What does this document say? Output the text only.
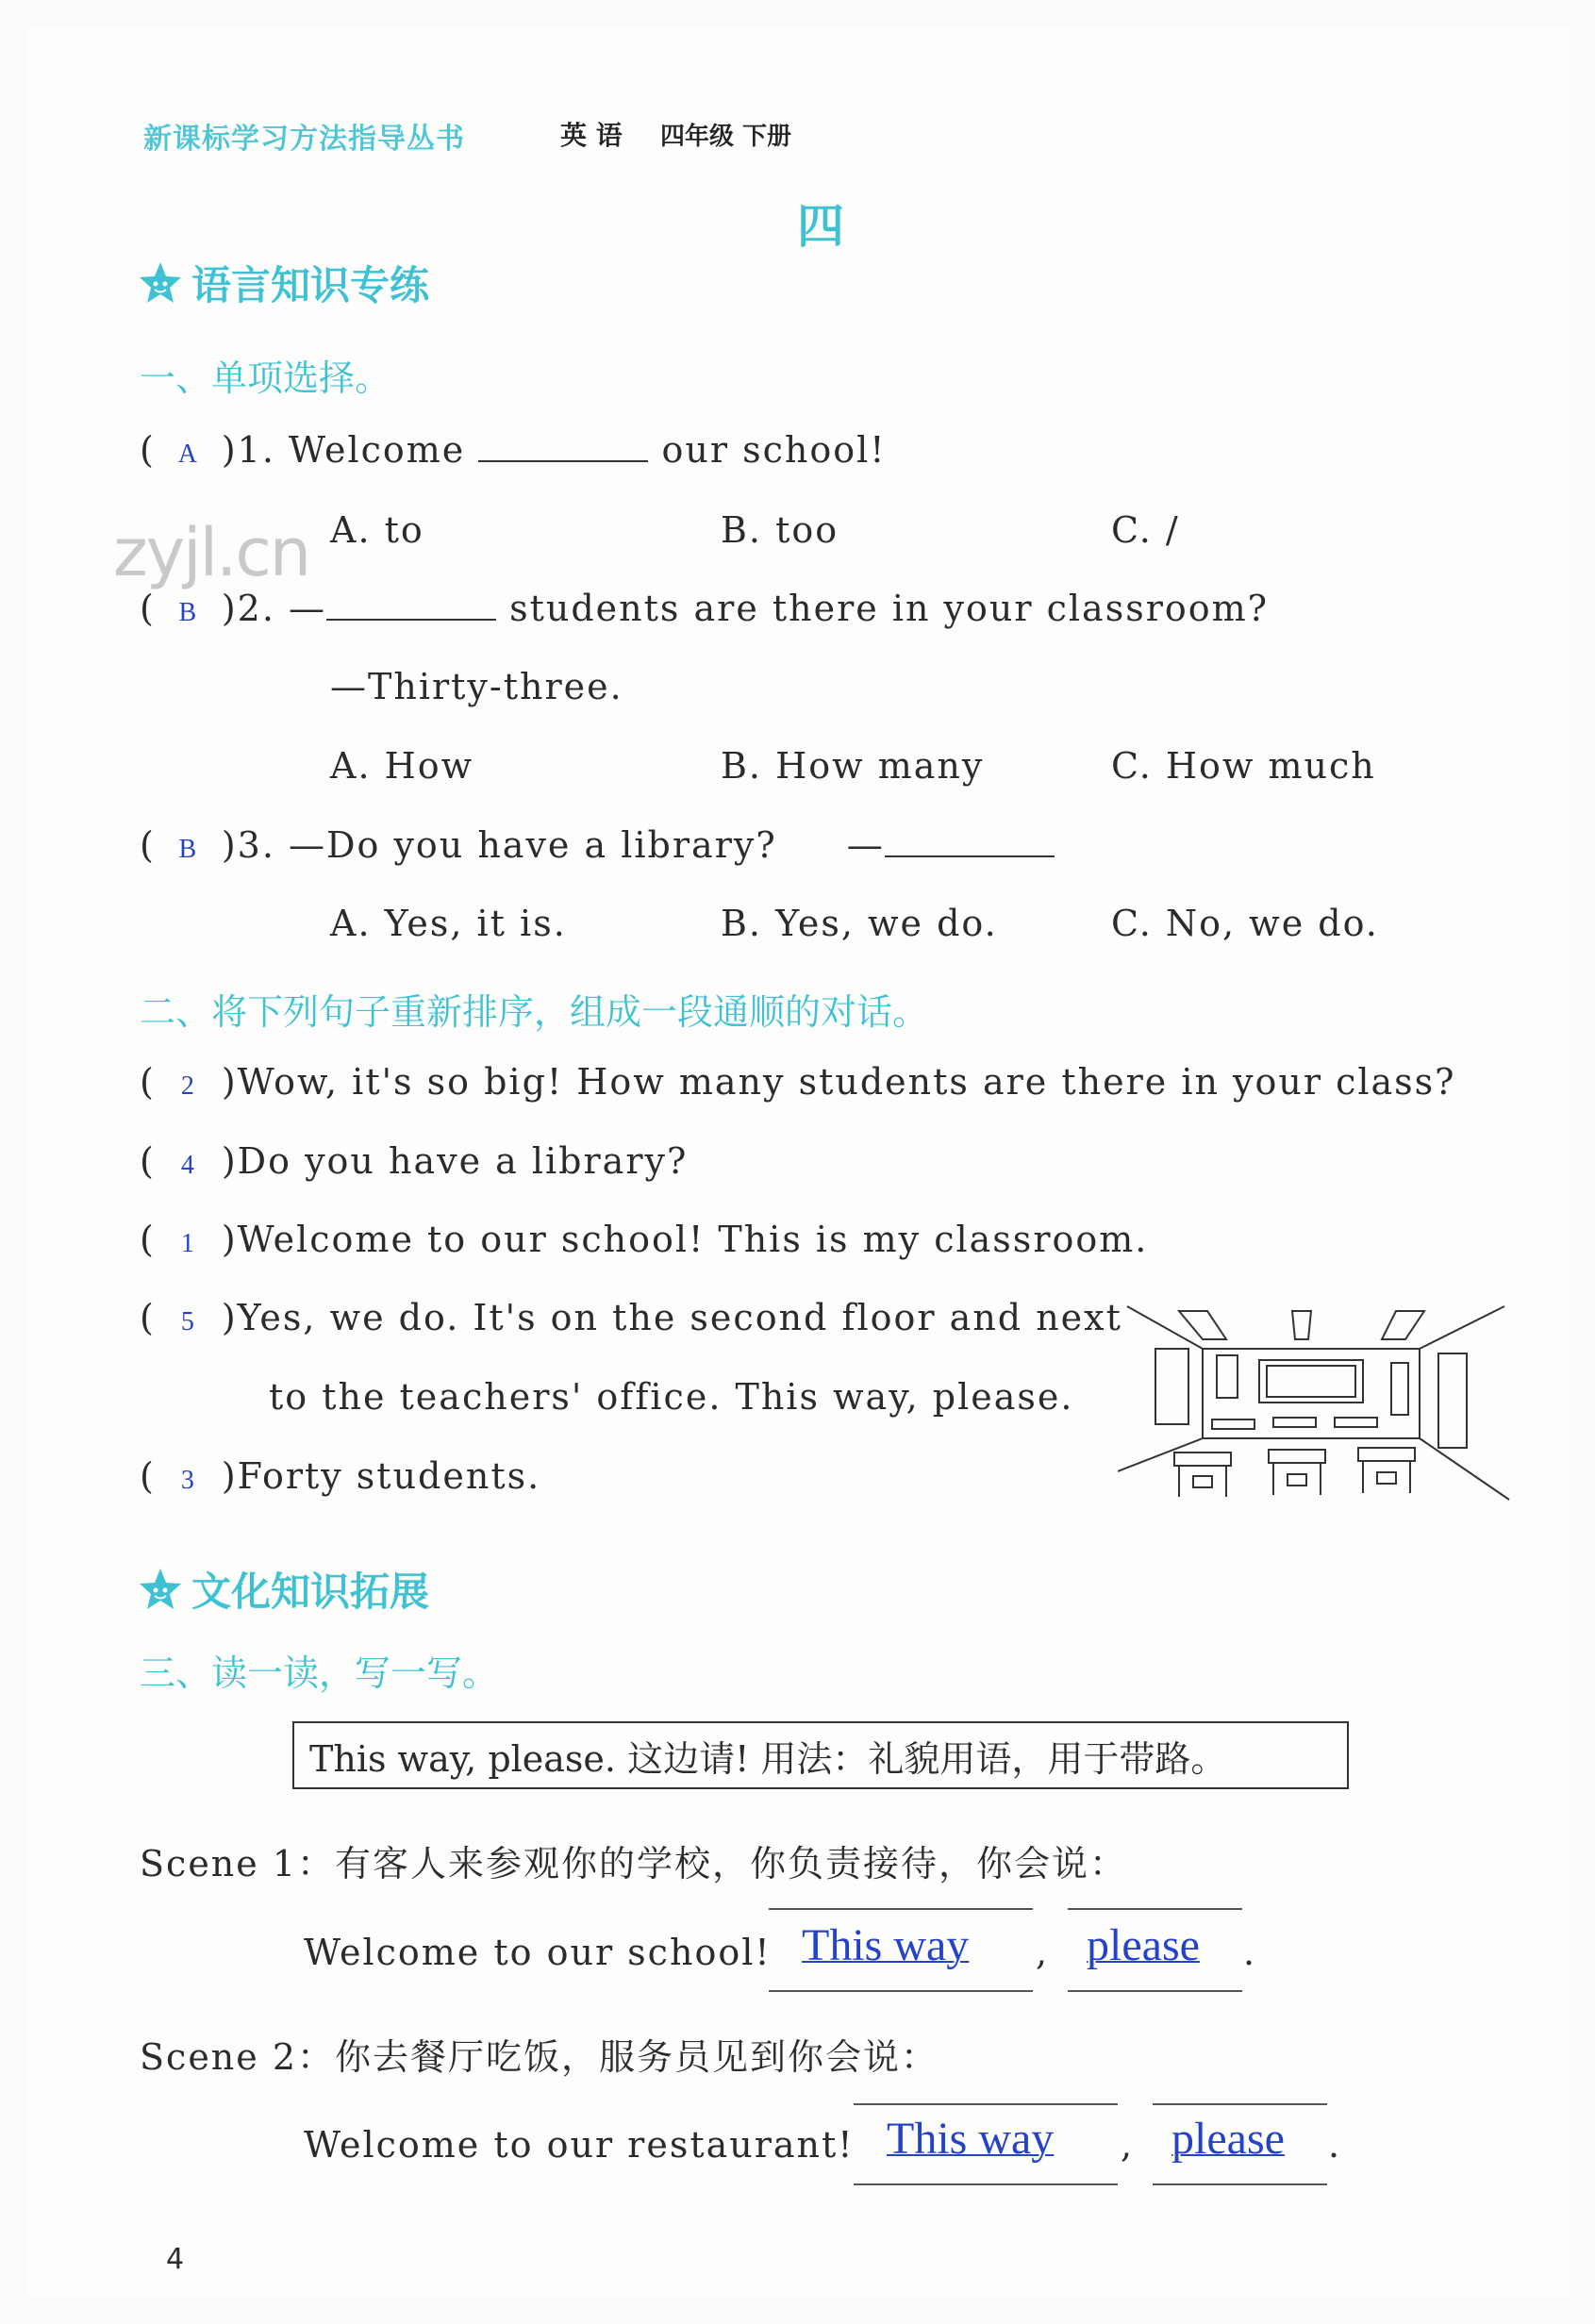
新课标学习方法指导丛书	英 语 四年级 下册
四
语言知识专练
一、单项选择。
zyjl.cn
( A )1. Welcome	our school!
A. to	B. too	C. /
( B )2. —	students are there in your classroom?
—Thirty-three.
A. How	B. How many	C. How much
( B )3. —Do you have a library? —
A. Yes, it is.	B. Yes, we do.	C. No, we do.
二、将下列句子重新排序，组成一段通顺的对话。
( 2 )Wow, it's so big! How many students are there in your class?
( 4 )Do you have a library?
( 1 )Welcome to our school! This is my classroom.
( 5 )Yes, we do. It's on the second floor and next
to the teachers' office. This way, please.
( 3 )Forty students.
文化知识拓展
三、读一读，写一写。
This way, please. 这边请! 用法：礼貌用语，用于带路。
Scene 1：有客人来参观你的学校，你负责接待，你会说：
Welcome to our school! This way , please .
Scene 2：你去餐厅吃饭，服务员见到你会说：
Welcome to our restaurant! This way , please .
4
